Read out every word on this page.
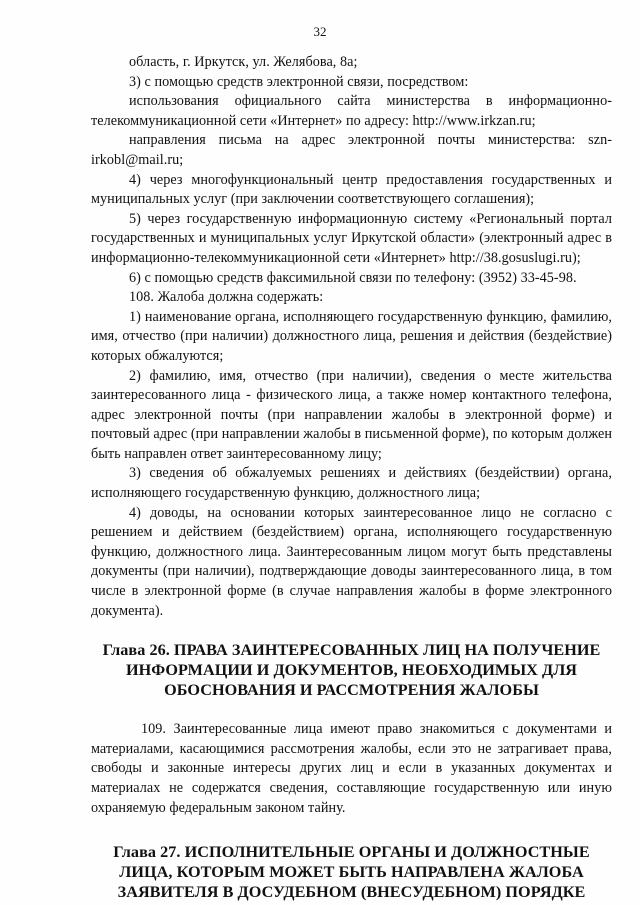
32

область, г. Иркутск, ул. Желябова, 8а;

3) с помощью средств электронной связи, посредством:

использования официального сайта министерства в информационно-телекоммуникационной сети «Интернет» по адресу: http://www.irkzan.ru;

направления письма на адрес электронной почты министерства: szn-irkobl@mail.ru;

4) через многофункциональный центр предоставления государственных и муниципальных услуг (при заключении соответствующего соглашения);

5) через государственную информационную систему «Региональный портал государственных и муниципальных услуг Иркутской области» (электронный адрес в информационно-телекоммуникационной сети «Интернет» http://38.gosuslugi.ru);

6) с помощью средств факсимильной связи по телефону: (3952) 33-45-98.

108. Жалоба должна содержать:

1) наименование органа, исполняющего государственную функцию, фамилию, имя, отчество (при наличии) должностного лица, решения и действия (бездействие) которых обжалуются;

2) фамилию, имя, отчество (при наличии), сведения о месте жительства заинтересованного лица - физического лица, а также номер контактного телефона, адрес электронной почты (при направлении жалобы в электронной форме) и почтовый адрес (при направлении жалобы в письменной форме), по которым должен быть направлен ответ заинтересованному лицу;

3) сведения об обжалуемых решениях и действиях (бездействии) органа, исполняющего государственную функцию, должностного лица;

4) доводы, на основании которых заинтересованное лицо не согласно с решением и действием (бездействием) органа, исполняющего государственную функцию, должностного лица. Заинтересованным лицом могут быть представлены документы (при наличии), подтверждающие доводы заинтересованного лица, в том числе в электронной форме (в случае направления жалобы в форме электронного документа).

Глава 26. ПРАВА ЗАИНТЕРЕСОВАННЫХ ЛИЦ НА ПОЛУЧЕНИЕ ИНФОРМАЦИИ И ДОКУМЕНТОВ, НЕОБХОДИМЫХ ДЛЯ ОБОСНОВАНИЯ И РАССМОТРЕНИЯ ЖАЛОБЫ

109. Заинтересованные лица имеют право знакомиться с документами и материалами, касающимися рассмотрения жалобы, если это не затрагивает права, свободы и законные интересы других лиц и если в указанных документах и материалах не содержатся сведения, составляющие государственную или иную охраняемую федеральным законом тайну.

Глава 27. ИСПОЛНИТЕЛЬНЫЕ ОРГАНЫ И ДОЛЖНОСТНЫЕ ЛИЦА, КОТОРЫМ МОЖЕТ БЫТЬ НАПРАВЛЕНА ЖАЛОБА ЗАЯВИТЕЛЯ В ДОСУДЕБНОМ (ВНЕСУДЕБНОМ) ПОРЯДКЕ
